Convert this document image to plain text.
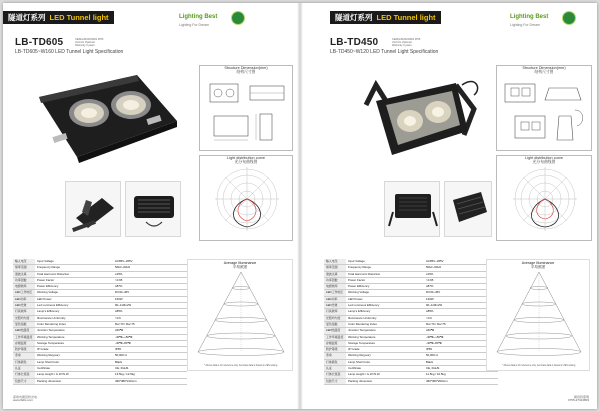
隧道灯系列 LED Tunnel light	Lighting Best
Lighting For Dream
LB-TD605
LB-TD605~W160 LED Tunnel Light Specification
CE/RoHS/ISO9001 IP65
UL/CUL Optional
Warranty 3 years
Structure Dimension(mm)
结构尺寸图
Light distribution curve
光分布曲线图
输入电压	Input Voltage	AC85V~265V
频率范围	Frequency Range	50Hz~60Hz
谐波失真	Total Harmonic Distortion	≤15%
功率因数	Power Factor	>0.95
电源效率	Power Efficiency	≥87%
LED工作电压	Working Voltage	DC30~36V
LED功率	LED Power	160W
LED光效	Led Luminous Efficiency	90~110lm/W
灯具效率	Lamp's Efficiency	≥85%
光照均匀度	Illuminance Uniformity	>0.6
显色指数	Color Rendering Index	Ra>70 / Ra>75
LED结温度	Junction Temperature	≤60℃
工作环境温度	Working Temperature	-40℃~+50℃
存储温度	Storage Temperature	-40℃~80℃
防护等级	IP Grade	IP65
寿命	Working life(year)	50,000 H
灯体颜色	Lamp Shell Color	Black
认证	Certificate	CE, RoHS
灯体长宽高	Lamp weight / G.W./N.W.	13.5kg / 12.5kg
包装尺寸	Packing dimension	490*380*210mm
Average Illuminance
平均照度
* Above data is for reference only. Accurate data is based on IES testing.
深圳市朗佰特光电
www.lbdls.com
隧道灯系列 LED Tunnel light	Lighting Best
Lighting For Dream
LB-TD450
LB-TD450~W120 LED Tunnel Light Specification
CE/RoHS/ISO9001 IP65
UL/CUL Optional
Warranty 3 years
Structure Dimension(mm)
结构尺寸图
Light distribution curve
光分布曲线图
输入电压	Input Voltage	AC85V~265V
频率范围	Frequency Range	50Hz~60Hz
谐波失真	Total Harmonic Distortion	≤15%
功率因数	Power Factor	>0.95
电源效率	Power Efficiency	≥87%
LED工作电压	Working Voltage	DC30~36V
LED功率	LED Power	120W
LED光效	Led Luminous Efficiency	90~110lm/W
灯具效率	Lamp's Efficiency	≥85%
光照均匀度	Illuminance Uniformity	>0.6
显色指数	Color Rendering Index	Ra>70 / Ra>75
LED结温度	Junction Temperature	≤60℃
工作环境温度	Working Temperature	-40℃~+50℃
存储温度	Storage Temperature	-40℃~80℃
防护等级	IP Grade	IP65
寿命	Working life(year)	50,000 H
灯体颜色	Lamp Shell Color	Black
认证	Certificate	CE, RoHS
灯体长宽高	Lamp weight / G.W./N.W.	11.5kg / 10.5kg
包装尺寸	Packing dimension	460*360*200mm
Average Illuminance
平均照度
* Above data is for reference only. Accurate data is based on IES testing.
朗佰特照明
0755-27324809
